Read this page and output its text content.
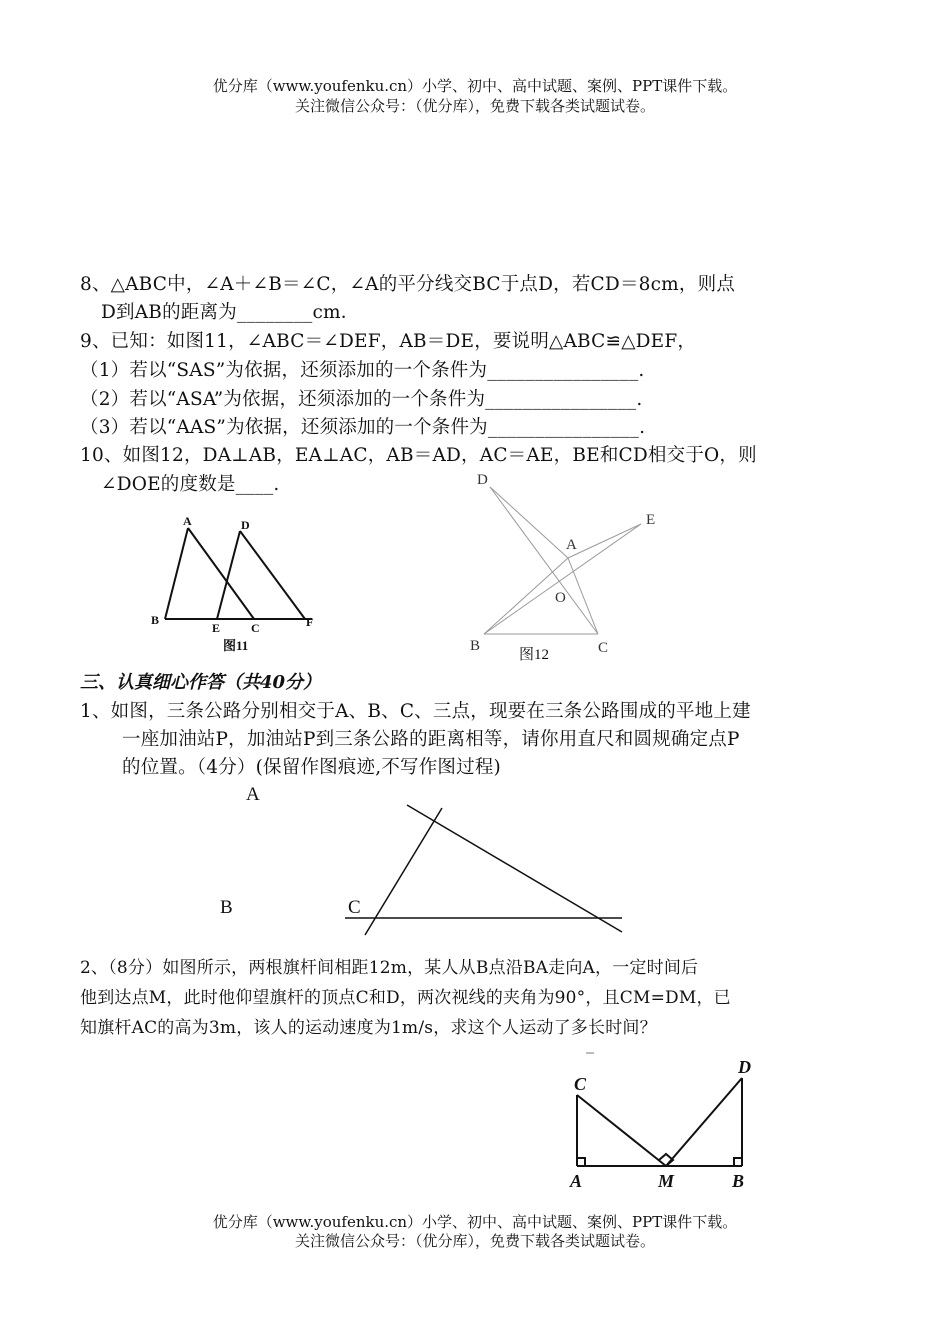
优分库（www.youfenku.cn）小学、初中、高中试题、案例、PPT课件下载。
关注微信公众号：（优分库），免费下载各类试题试卷。
8、△ABC中，∠A＋∠B＝∠C，∠A的平分线交BC于点D，若CD＝8cm，则点
D到AB的距离为________cm．
9、已知：如图11，∠ABC＝∠DEF，AB＝DE，要说明△ABC≌△DEF，
（1）若以“SAS”为依据，还须添加的一个条件为________________.
（2）若以“ASA”为依据，还须添加的一个条件为________________.
（3）若以“AAS”为依据，还须添加的一个条件为________________.
10、如图12，DA⊥AB，EA⊥AC，AB＝AD，AC＝AE，BE和CD相交于O，则
∠DOE的度数是____.
三、认真细心作答（共40分）
1、如图，三条公路分别相交于A、B、C、三点，现要在三条公路围成的平地上建
一座加油站P，加油站P到三条公路的距离相等，请你用直尺和圆规确定点P
的位置。（4分）(保留作图痕迹,不写作图过程)
2、（8分）如图所示，两根旗杆间相距12m，某人从B点沿BA走向A，一定时间后
他到达点M，此时他仰望旗杆的顶点C和D，两次视线的夹角为90°，且CM=DM，已
知旗杆AC的高为3m，该人的运动速度为1m/s，求这个人运动了多长时间？
优分库（www.youfenku.cn）小学、初中、高中试题、案例、PPT课件下载。
关注微信公众号：（优分库），免费下载各类试题试卷。
A	D
B
E	C	F
图11
D
E
A
O
B	C
图12
A
B	C
C
D
A	M	B
